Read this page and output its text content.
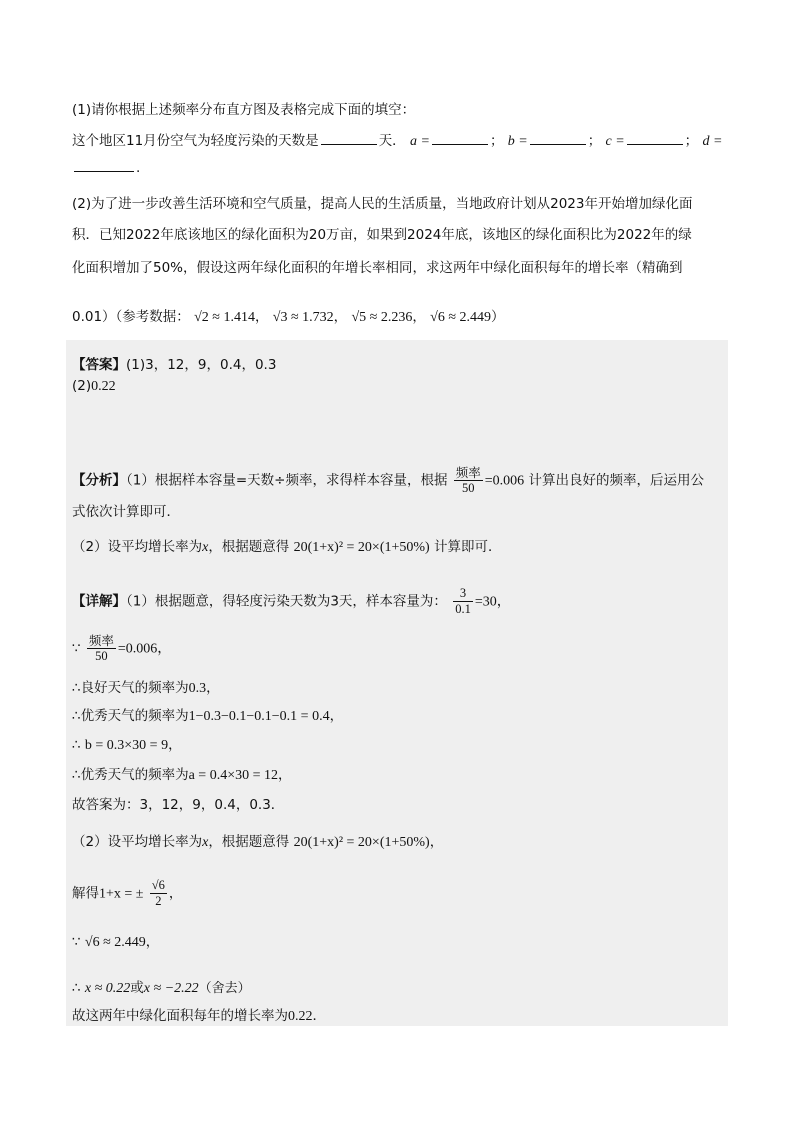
(1)请你根据上述频率分布直方图及表格完成下面的填空：
这个地区11月份空气为轻度污染的天数是	天． a =	； b =	； c =	； d =
.
(2)为了进一步改善生活环境和空气质量，提高人民的生活质量，当地政府计划从2023年开始增加绿化面
积．已知2022年底该地区的绿化面积为20万亩，如果到2024年底，该地区的绿化面积比为2022年的绿
化面积增加了50%，假设这两年绿化面积的年增长率相同，求这两年中绿化面积每年的增长率（精确到
0.01）（参考数据： √2 ≈ 1.414， √3 ≈ 1.732， √5 ≈ 2.236， √6 ≈ 2.449）
【答案】(1)3，12，9，0.4，0.3
(2)0.22
【分析】（1）根据样本容量=天数÷频率，求得样本容量，根据 $\frac{\text{频率}}{50} =0.006$ 计算出良好的频率，后运用公
式依次计算即可．
（2）设平均增长率为x，根据题意得 20(1+x)² = 20×(1+50%) 计算即可．
【详解】（1）根据题意，得轻度污染天数为3天，样本容量为： $\frac{3}{0.1} =30$，
∵ $\frac{\text{频率}}{50} =0.006$，
∴良好天气的频率为0.3，
∴优秀天气的频率为1−0.3−0.1−0.1−0.1 = 0.4，
∴ b = 0.3×30 = 9，
∴优秀天气的频率为a = 0.4×30 = 12，
故答案为：3，12，9，0.4，0.3．
（2）设平均增长率为x，根据题意得 20(1+x)² = 20×(1+50%)，
解得1+x = ± $\frac{√6}{2}$ ，
∵ √6 ≈ 2.449，
∴ x ≈ 0.22或x ≈ −2.22（舍去）
故这两年中绿化面积每年的增长率为0.22．
